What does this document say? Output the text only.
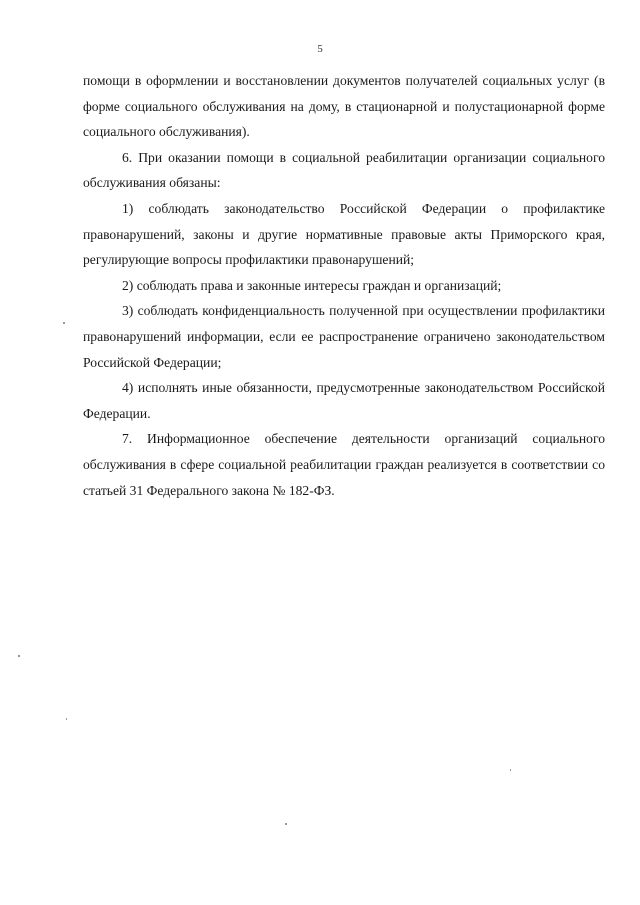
5

помощи в оформлении и восстановлении документов получателей социальных услуг (в форме социального обслуживания на дому, в стационарной и полустационарной форме социального обслуживания).

6. При оказании помощи в социальной реабилитации организации социального обслуживания обязаны:

1) соблюдать законодательство Российской Федерации о профилактике правонарушений, законы и другие нормативные правовые акты Приморского края, регулирующие вопросы профилактики правонарушений;

2) соблюдать права и законные интересы граждан и организаций;

3) соблюдать конфиденциальность полученной при осуществлении профилактики правонарушений информации, если ее распространение ограничено законодательством Российской Федерации;

4) исполнять иные обязанности, предусмотренные законодательством Российской Федерации.

7. Информационное обеспечение деятельности организаций социального обслуживания в сфере социальной реабилитации граждан реализуется в соответствии со статьей 31 Федерального закона № 182-ФЗ.
